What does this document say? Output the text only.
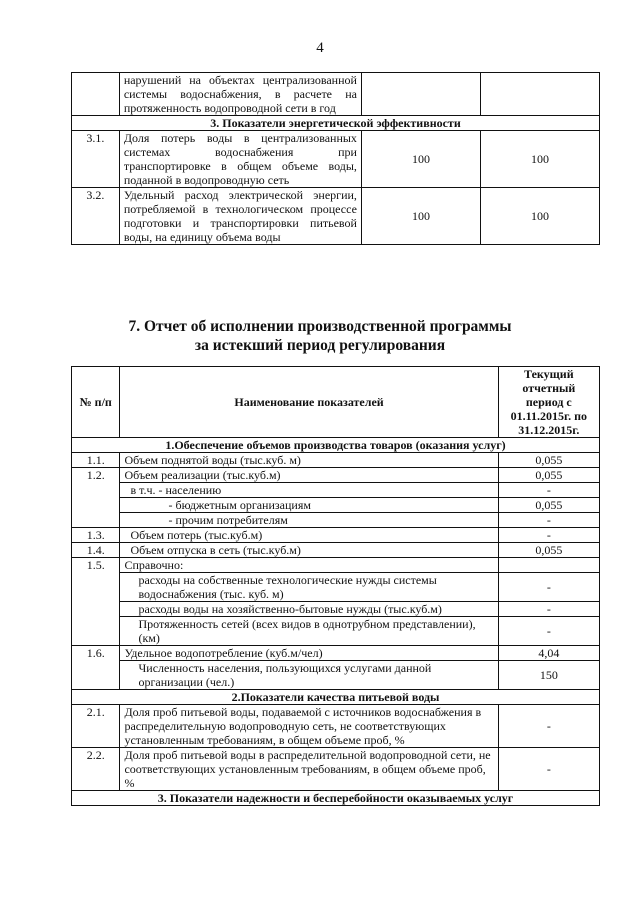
4
	нарушений на объектах централизованной системы водоснабжения, в расчете на протяженность водопроводной сети в год		
3. Показатели энергетической эффективности			
3.1.	Доля потерь воды в централизованных системах водоснабжения при транспортировке в общем объеме воды, поданной в водопроводную сеть	100	100
3.2.	Удельный расход электрической энергии, потребляемой в технологическом процессе подготовки и транспортировки питьевой воды, на единицу объема воды	100	100
7. Отчет об исполнении производственной программы
за истекший период регулирования
№ п/п	Наименование показателей	Текущий отчетный период с 01.11.2015г. по 31.12.2015г.
1.Обеспечение объемов производства товаров (оказания услуг)		
1.1.	Объем поднятой воды (тыс.куб. м)	0,055
1.2.	Объем реализации (тыс.куб.м)	0,055
	в т.ч. - населению	-
	- бюджетным организациям	0,055
	- прочим потребителям	-
1.3.	Объем потерь (тыс.куб.м)	-
1.4.	Объем отпуска в сеть (тыс.куб.м)	0,055
1.5.	Справочно:	
	расходы на собственные технологические нужды системы водоснабжения (тыс. куб. м)	-
	расходы воды на хозяйственно-бытовые нужды (тыс.куб.м)	-
	Протяженность сетей (всех видов в однотрубном представлении), (км)	-
1.6.	Удельное водопотребление (куб.м/чел)	4,04
	Численность населения, пользующихся услугами данной организации (чел.)	150
2.Показатели качества питьевой воды		
2.1.	Доля проб питьевой воды, подаваемой с источников водоснабжения в распределительную водопроводную сеть, не соответствующих установленным требованиям, в общем объеме проб, %	-
2.2.	Доля проб питьевой воды в распределительной водопроводной сети, не соответствующих установленным требованиям, в общем объеме проб, %	-
3. Показатели надежности и бесперебойности оказываемых услуг		
